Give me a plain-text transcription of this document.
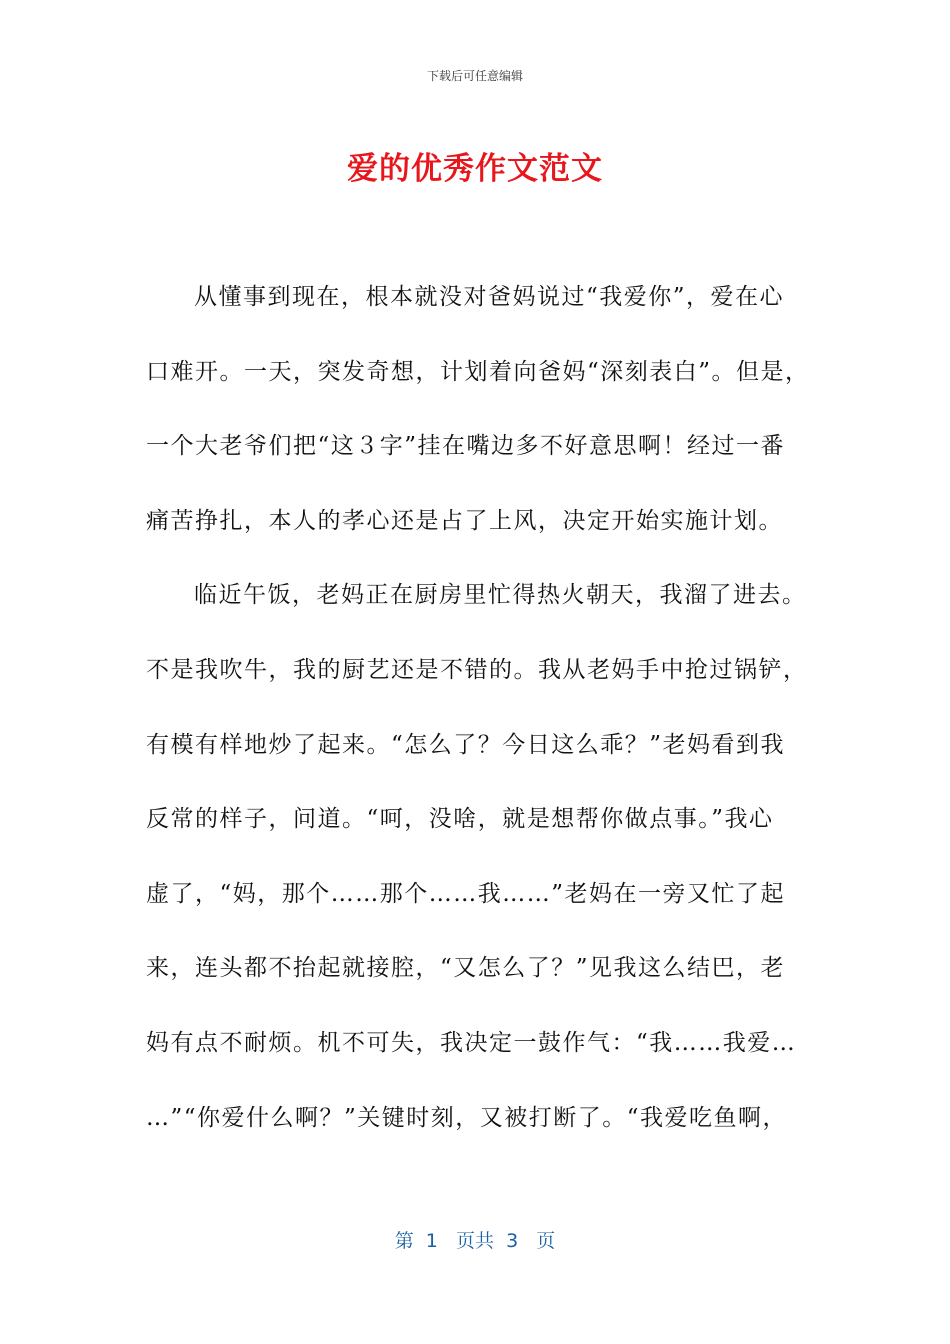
下载后可任意编辑
爱的优秀作文范文
从懂事到现在，根本就没对爸妈说过“我爱你”，爱在心
口难开。一天，突发奇想，计划着向爸妈“深刻表白”。但是，
一个大老爷们把“这３字”挂在嘴边多不好意思啊！经过一番
痛苦挣扎，本人的孝心还是占了上风，决定开始实施计划。
临近午饭，老妈正在厨房里忙得热火朝天，我溜了进去。
不是我吹牛，我的厨艺还是不错的。我从老妈手中抢过锅铲，
有模有样地炒了起来。“怎么了？今日这么乖？”老妈看到我
反常的样子，问道。“呵，没啥，就是想帮你做点事。”我心
虚了，“妈，那个……那个……我……”老妈在一旁又忙了起
来，连头都不抬起就接腔，“又怎么了？”见我这么结巴，老
妈有点不耐烦。机不可失，我决定一鼓作气：“我……我爱…
…”“你爱什么啊？”关键时刻，又被打断了。“我爱吃鱼啊，
第  1   页共  3   页
